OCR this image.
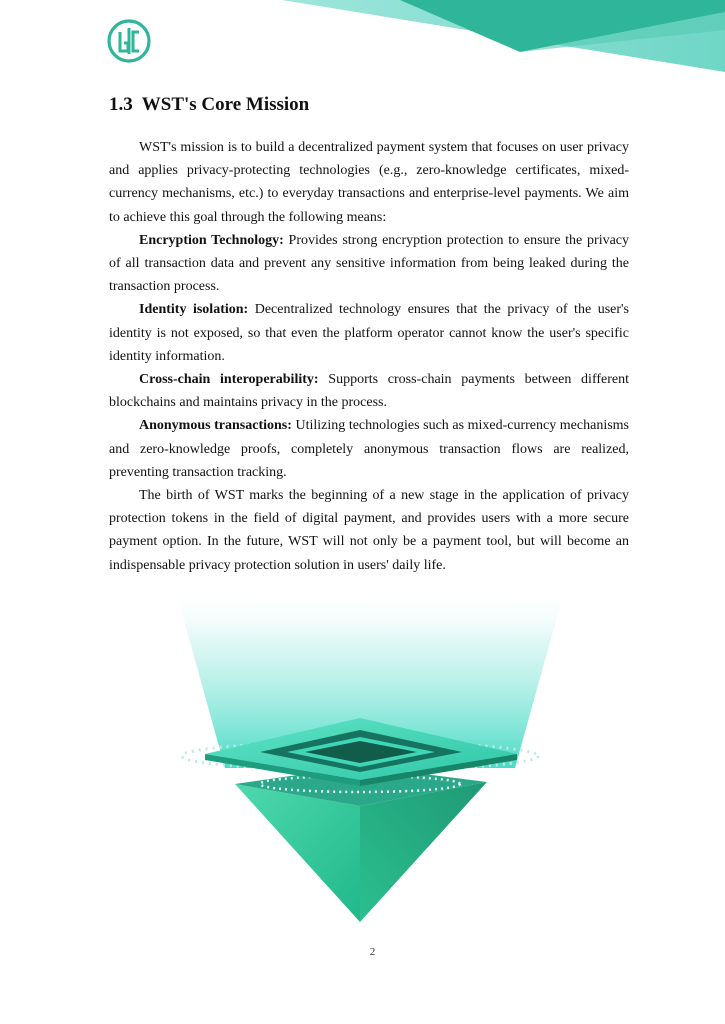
1.3 WST's Core Mission

WST's mission is to build a decentralized payment system that focuses on user privacy and applies privacy-protecting technologies (e.g., zero-knowledge certificates, mixed-currency mechanisms, etc.) to everyday transactions and enterprise-level payments. We aim to achieve this goal through the following means:

Encryption Technology: Provides strong encryption protection to ensure the privacy of all transaction data and prevent any sensitive information from being leaked during the transaction process.

Identity isolation: Decentralized technology ensures that the privacy of the user's identity is not exposed, so that even the platform operator cannot know the user's specific identity information.

Cross-chain interoperability: Supports cross-chain payments between different blockchains and maintains privacy in the process.

Anonymous transactions: Utilizing technologies such as mixed-currency mechanisms and zero-knowledge proofs, completely anonymous transaction flows are realized, preventing transaction tracking.

The birth of WST marks the beginning of a new stage in the application of privacy protection tokens in the field of digital payment, and provides users with a more secure payment option. In the future, WST will not only be a payment tool, but will become an indispensable privacy protection solution in users' daily life.

2
